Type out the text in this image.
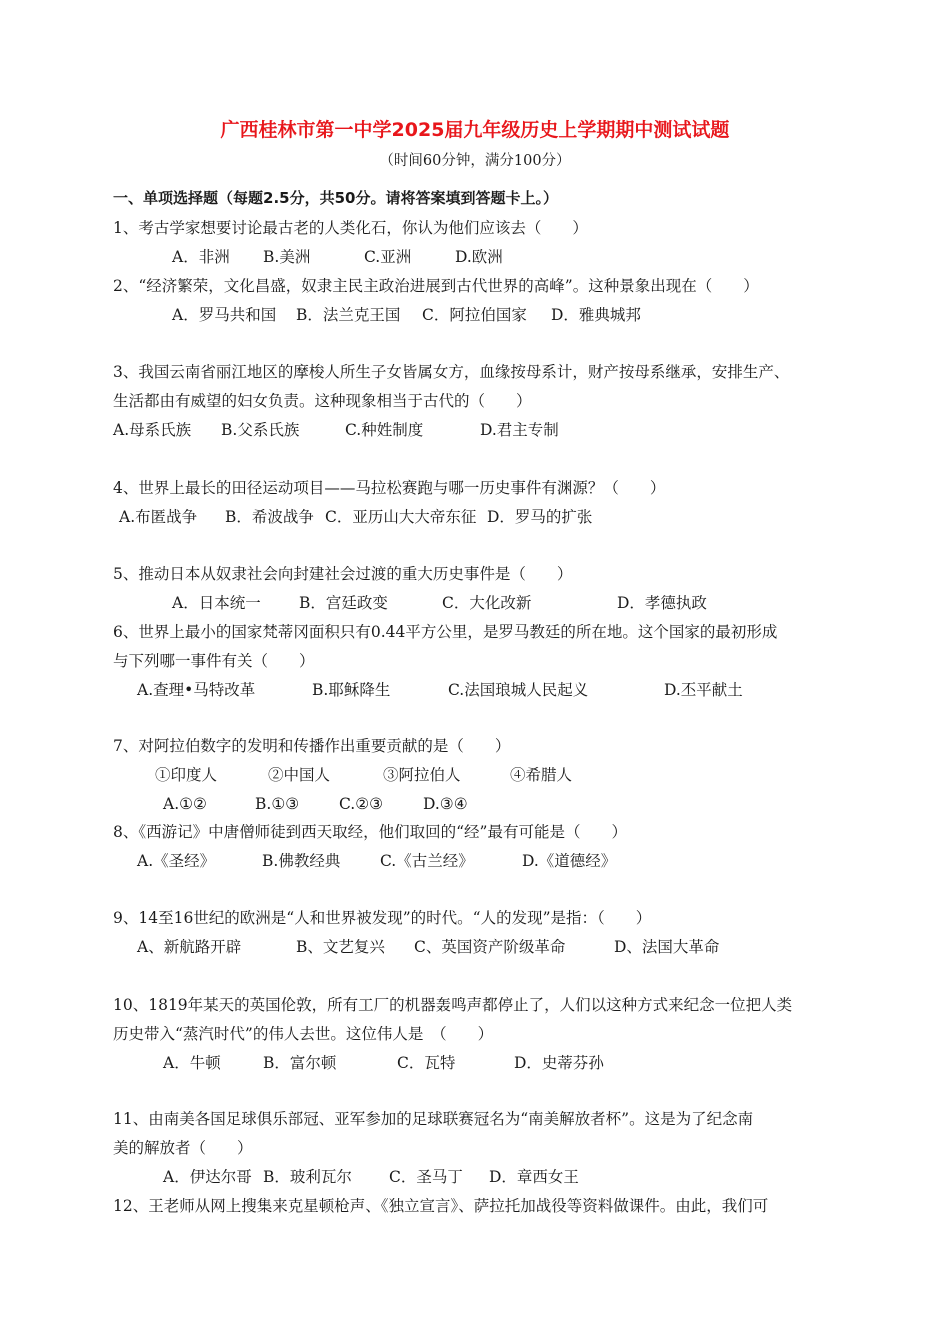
广西桂林市第一中学2025届九年级历史上学期期中测试试题
（时间60分钟，满分100分）
一、单项选择题（每题2.5分，共50分。请将答案填到答题卡上。）
1、考古学家想要讨论最古老的人类化石，你认为他们应该去（　　）
A．非洲 B.美洲	C.亚洲	D.欧洲
2、“经济繁荣，文化昌盛，奴隶主民主政治进展到古代世界的高峰”。这种景象出现在（　　）
A．罗马共和国 B．法兰克王国 C．阿拉伯国家 D．雅典城邦
3、我国云南省丽江地区的摩梭人所生子女皆属女方，血缘按母系计，财产按母系继承，安排生产、
生活都由有威望的妇女负责。这种现象相当于古代的（　　）
A.母系氏族 B.父系氏族	C.种姓制度	D.君主专制
4、世界上最长的田径运动项目——马拉松赛跑与哪一历史事件有渊源？（　　）
A.布匿战争 B．希波战争 C．亚历山大大帝东征 D．罗马的扩张
5、推动日本从奴隶社会向封建社会过渡的重大历史事件是（　　）
A．日本统一 B．宫廷政变	C．大化改新	D．孝德执政
6、世界上最小的国家梵蒂冈面积只有0.44平方公里，是罗马教廷的所在地。这个国家的最初形成
与下列哪一事件有关（　　）
A.查理•马特改革	B.耶稣降生	C.法国琅城人民起义	D.丕平献土
7、对阿拉伯数字的发明和传播作出重要贡献的是（　　）
①印度人	②中国人	③阿拉伯人	④希腊人
A.①②	B.①③	C.②③	D.③④
8、《西游记》中唐僧师徒到西天取经，他们取回的“经”最有可能是（　　）
A.《圣经》	B.佛教经典	C.《古兰经》	D.《道德经》
9、14至16世纪的欧洲是“人和世界被发现”的时代。“人的发现”是指：（　　）
A、新航路开辟	B、文艺复兴 C、英国资产阶级革命	D、法国大革命
10、1819年某天的英国伦敦，所有工厂的机器轰鸣声都停止了，人们以这种方式来纪念一位把人类
历史带入“蒸汽时代”的伟人去世。这位伟人是　（　　）
A．牛顿	B．富尔顿	C．瓦特	D．史蒂芬孙
11、由南美各国足球俱乐部冠、亚军参加的足球联赛冠名为“南美解放者杯”。这是为了纪念南
美的解放者（　　）
A．伊达尔哥 B．玻利瓦尔 C．圣马丁 D．章西女王
12、王老师从网上搜集来克星顿枪声、《独立宣言》、萨拉托加战役等资料做课件。由此，我们可
